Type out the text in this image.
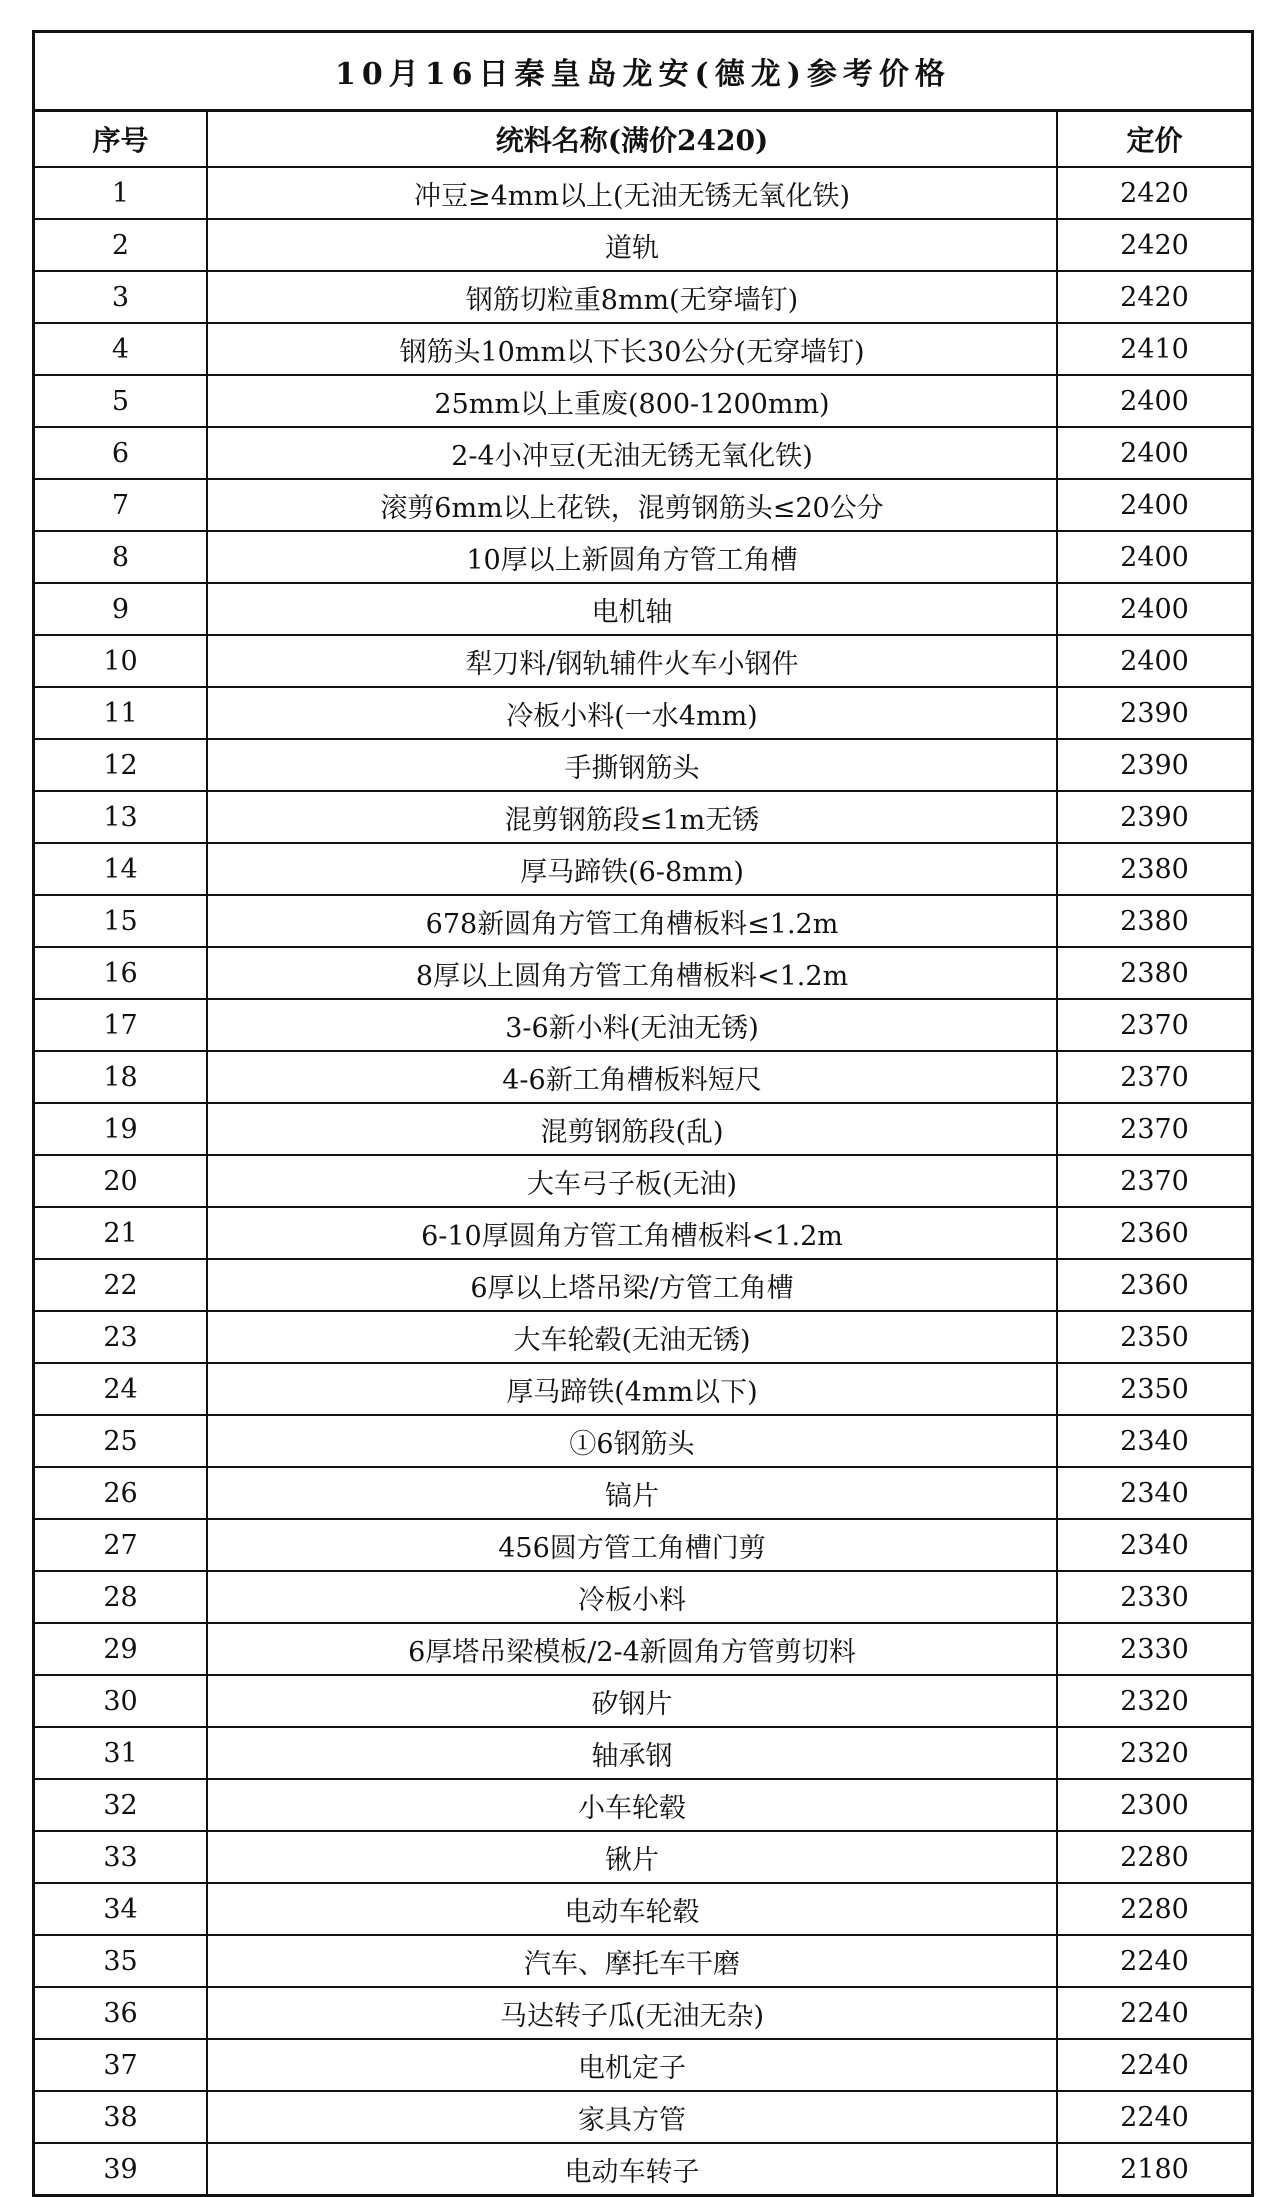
10月16日秦皇岛龙安(德龙)参考价格
序号	统料名称(满价2420)	定价
1	冲豆≥4mm以上(无油无锈无氧化铁)	2420
2	道轨	2420
3	钢筋切粒重8mm(无穿墙钉)	2420
4	钢筋头10mm以下长30公分(无穿墙钉)	2410
5	25mm以上重废(800-1200mm)	2400
6	2-4小冲豆(无油无锈无氧化铁)	2400
7	滚剪6mm以上花铁，混剪钢筋头≤20公分	2400
8	10厚以上新圆角方管工角槽	2400
9	电机轴	2400
10	犁刀料/钢轨辅件火车小钢件	2400
11	冷板小料(一水4mm)	2390
12	手撕钢筋头	2390
13	混剪钢筋段≤1m无锈	2390
14	厚马蹄铁(6-8mm)	2380
15	678新圆角方管工角槽板料≤1.2m	2380
16	8厚以上圆角方管工角槽板料<1.2m	2380
17	3-6新小料(无油无锈)	2370
18	4-6新工角槽板料短尺	2370
19	混剪钢筋段(乱)	2370
20	大车弓子板(无油)	2370
21	6-10厚圆角方管工角槽板料<1.2m	2360
22	6厚以上塔吊梁/方管工角槽	2360
23	大车轮毂(无油无锈)	2350
24	厚马蹄铁(4mm以下)	2350
25	①6钢筋头	2340
26	镐片	2340
27	456圆方管工角槽门剪	2340
28	冷板小料	2330
29	6厚塔吊梁模板/2-4新圆角方管剪切料	2330
30	矽钢片	2320
31	轴承钢	2320
32	小车轮毂	2300
33	锹片	2280
34	电动车轮毂	2280
35	汽车、摩托车干磨	2240
36	马达转子瓜(无油无杂)	2240
37	电机定子	2240
38	家具方管	2240
39	电动车转子	2180
